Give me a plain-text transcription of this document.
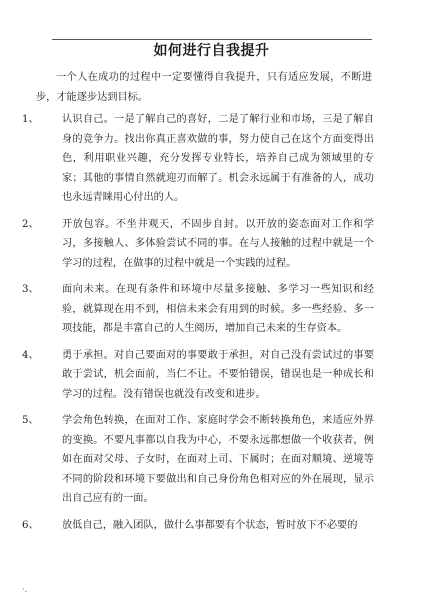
如何进行自我提升
一个人在成功的过程中一定要懂得自我提升，只有适应发展，不断进步，才能逐步达到目标。
1、	认识自己。一是了解自己的喜好，二是了解行业和市场，三是了解自身的竞争力。找出你真正喜欢做的事，努力使自己在这个方面变得出色，利用职业兴趣，充分发挥专业特长，培养自己成为领域里的专家；其他的事情自然就迎刃而解了。机会永远属于有准备的人，成功也永远青睐用心付出的人。
2、	开放包容。不坐井观天，不固步自封。以开放的姿态面对工作和学习，多接触人、多体验尝试不同的事。在与人接触的过程中就是一个学习的过程，在做事的过程中就是一个实践的过程。
3、	面向未来。在现有条件和环境中尽量多接触、多学习一些知识和经验，就算现在用不到，相信未来会有用到的时候。多一些经验、多一项技能，都是丰富自己的人生阅历，增加自己未来的生存资本。
4、	勇于承担。对自己要面对的事要敢于承担，对自己没有尝试过的事要敢于尝试，机会面前，当仁不让。不要怕错误，错误也是一种成长和学习的过程。没有错误也就没有改变和进步。
5、	学会角色转换，在面对工作、家庭时学会不断转换角色，来适应外界的变换。不要凡事都以自我为中心，不要永远都想做一个收获者，例如在面对父母、子女时，在面对上司、下属时；在面对顺境、逆境等不同的阶段和环境下要做出和自己身份角色相对应的外在展现，显示出自己应有的一面。
6、	放低自己，融入团队，做什么事都要有个状态，暂时放下不必要的
·.
